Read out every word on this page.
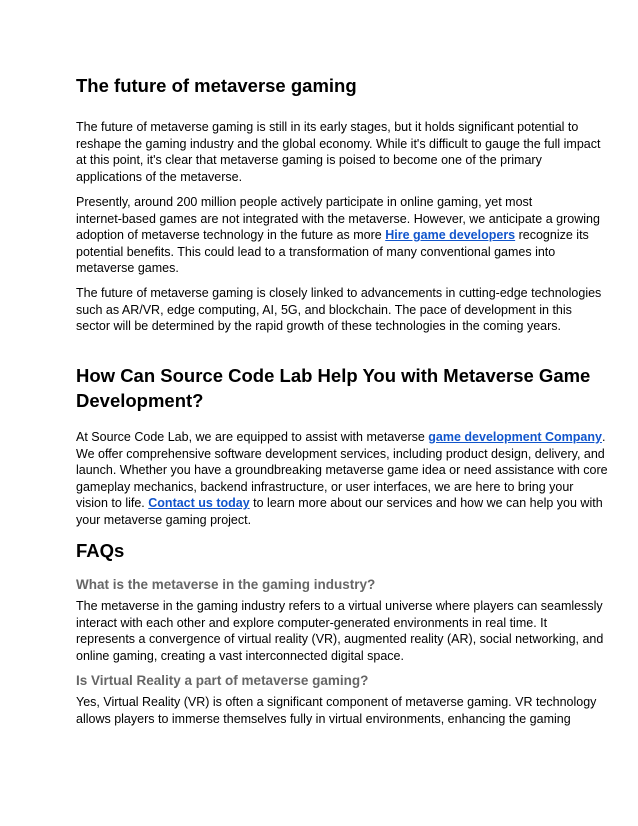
The future of metaverse gaming

The future of metaverse gaming is still in its early stages, but it holds significant potential to
reshape the gaming industry and the global economy. While it's difficult to gauge the full impact
at this point, it's clear that metaverse gaming is poised to become one of the primary
applications of the metaverse.

Presently, around 200 million people actively participate in online gaming, yet most
internet-based games are not integrated with the metaverse. However, we anticipate a growing
adoption of metaverse technology in the future as more Hire game developers recognize its
potential benefits. This could lead to a transformation of many conventional games into
metaverse games.

The future of metaverse gaming is closely linked to advancements in cutting-edge technologies
such as AR/VR, edge computing, AI, 5G, and blockchain. The pace of development in this
sector will be determined by the rapid growth of these technologies in the coming years.

How Can Source Code Lab Help You with Metaverse Game
Development?

At Source Code Lab, we are equipped to assist with metaverse game development Company.
We offer comprehensive software development services, including product design, delivery, and
launch. Whether you have a groundbreaking metaverse game idea or need assistance with core
gameplay mechanics, backend infrastructure, or user interfaces, we are here to bring your
vision to life. Contact us today to learn more about our services and how we can help you with
your metaverse gaming project.

FAQs
What is the metaverse in the gaming industry?

The metaverse in the gaming industry refers to a virtual universe where players can seamlessly
interact with each other and explore computer-generated environments in real time. It
represents a convergence of virtual reality (VR), augmented reality (AR), social networking, and
online gaming, creating a vast interconnected digital space.

Is Virtual Reality a part of metaverse gaming?

Yes, Virtual Reality (VR) is often a significant component of metaverse gaming. VR technology
allows players to immerse themselves fully in virtual environments, enhancing the gaming
